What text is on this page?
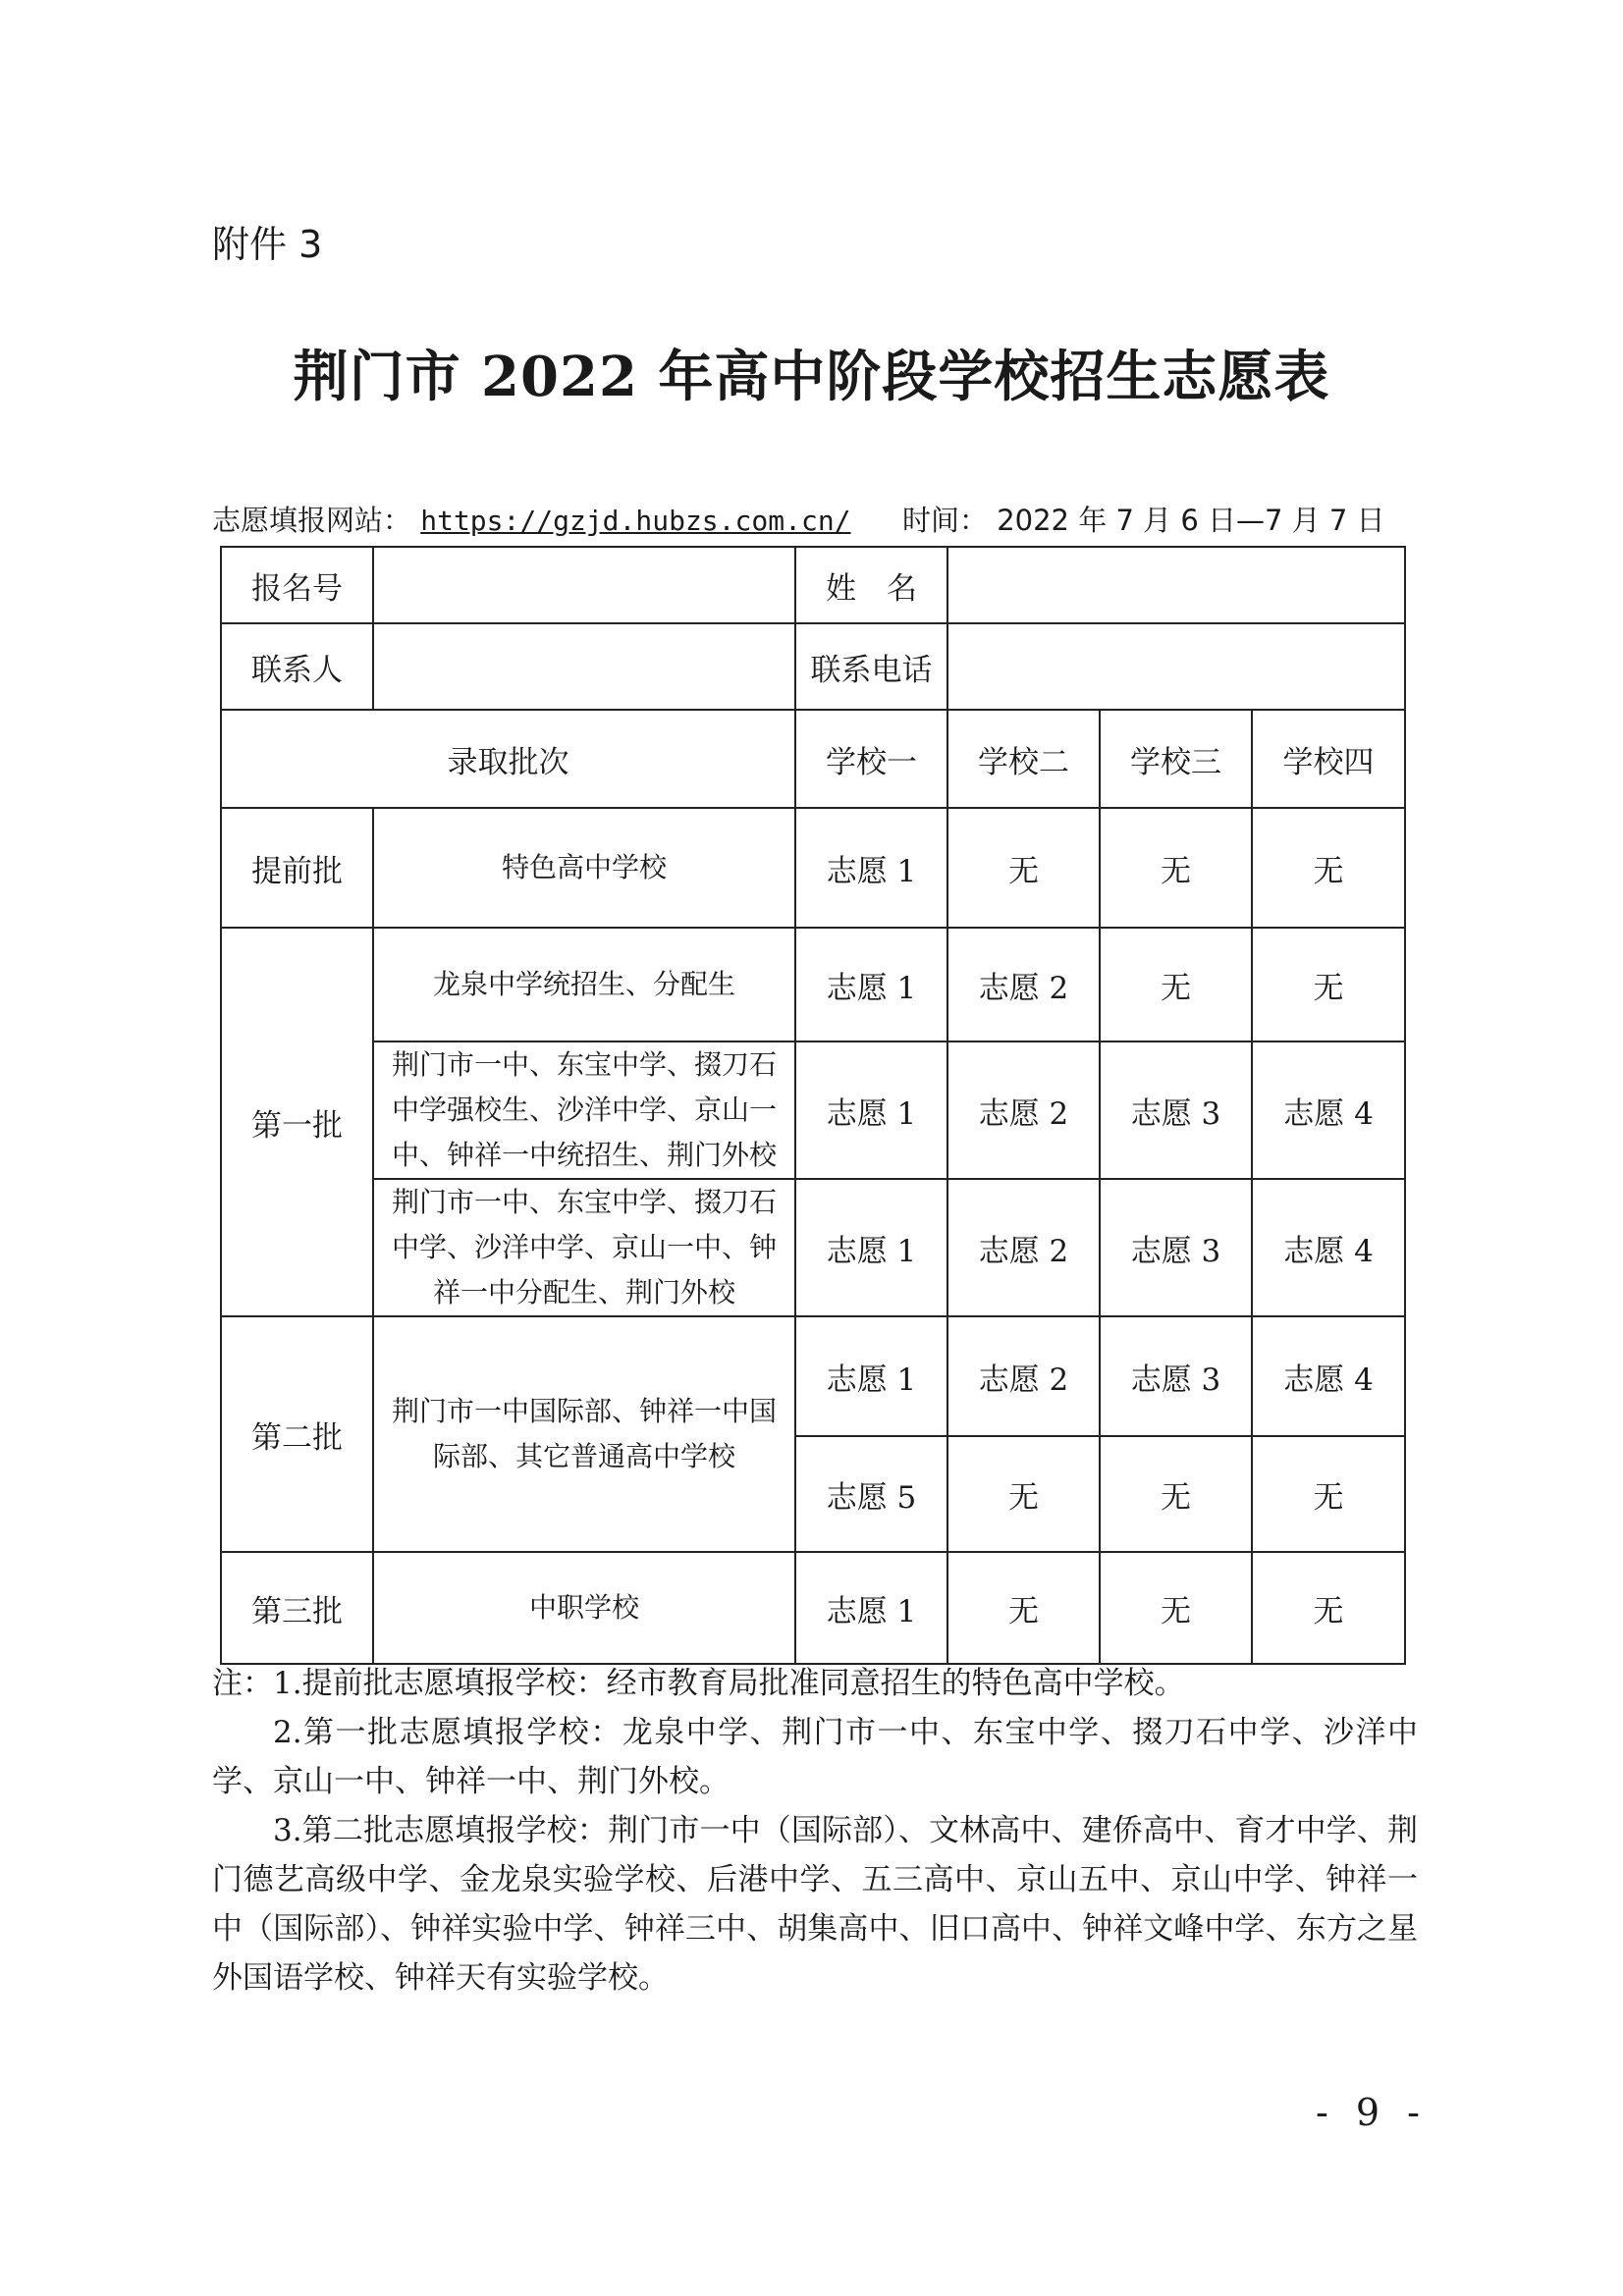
附件 3
荆门市 2022 年高中阶段学校招生志愿表
志愿填报网站： https://gzjd.hubzs.com.cn/ 时间： 2022 年 7 月 6 日—7 月 7 日
报名号		姓　名			
联系人		联系电话			
录取批次		学校一	学校二	学校三	学校四
提前批	特色高中学校	志愿 1	无	无	无
第一批	龙泉中学统招生、分配生	志愿 1	志愿 2	无	无
	荆门市一中、东宝中学、掇刀石中学强校生、沙洋中学、京山一中、钟祥一中统招生、荆门外校	志愿 1	志愿 2	志愿 3	志愿 4
	荆门市一中、东宝中学、掇刀石中学、沙洋中学、京山一中、钟祥一中分配生、荆门外校	志愿 1	志愿 2	志愿 3	志愿 4
第二批	荆门市一中国际部、钟祥一中国际部、其它普通高中学校	志愿 1	志愿 2	志愿 3	志愿 4
		志愿 5	无	无	无
第三批	中职学校	志愿 1	无	无	无

注：1.提前批志愿填报学校：经市教育局批准同意招生的特色高中学校。

2.第一批志愿填报学校：龙泉中学、荆门市一中、东宝中学、掇刀石中学、沙洋中学、京山一中、钟祥一中、荆门外校。

3.第二批志愿填报学校：荆门市一中（国际部）、文林高中、建侨高中、育才中学、荆门德艺高级中学、金龙泉实验学校、后港中学、五三高中、京山五中、京山中学、钟祥一中（国际部）、钟祥实验中学、钟祥三中、胡集高中、旧口高中、钟祥文峰中学、东方之星外国语学校、钟祥天有实验学校。

- 9 -
